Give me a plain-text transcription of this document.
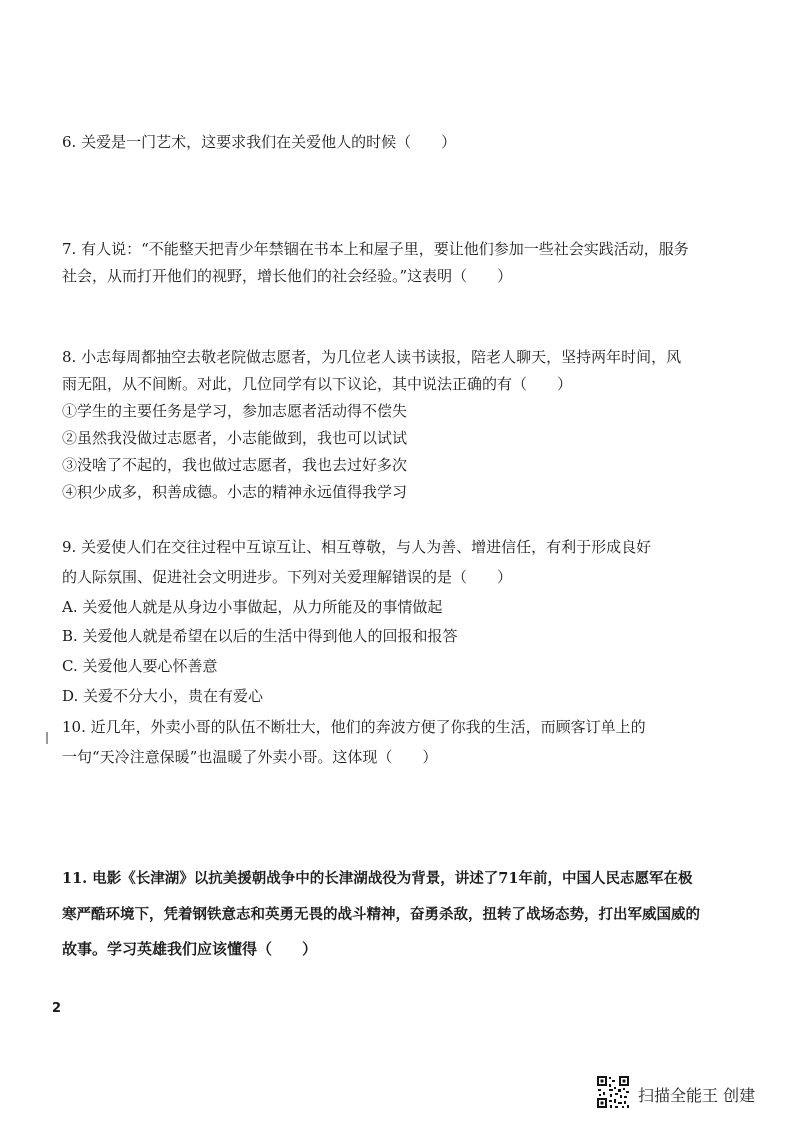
6. 关爱是一门艺术，这要求我们在关爱他人的时候（　　）
7. 有人说：“不能整天把青少年禁锢在书本上和屋子里，要让他们参加一些社会实践活动，服务
社会，从而打开他们的视野，增长他们的社会经验。”这表明（　　）
8. 小志每周都抽空去敬老院做志愿者，为几位老人读书读报，陪老人聊天，坚持两年时间，风
雨无阻，从不间断。对此，几位同学有以下议论，其中说法正确的有（　　）
①学生的主要任务是学习，参加志愿者活动得不偿失
②虽然我没做过志愿者，小志能做到，我也可以试试
③没啥了不起的，我也做过志愿者，我也去过好多次
④积少成多，积善成德。小志的精神永远值得我学习
9. 关爱使人们在交往过程中互谅互让、相互尊敬，与人为善、增进信任，有利于形成良好
的人际氛围、促进社会文明进步。下列对关爱理解错误的是（　　）
A. 关爱他人就是从身边小事做起，从力所能及的事情做起
B. 关爱他人就是希望在以后的生活中得到他人的回报和报答
C. 关爱他人要心怀善意
D. 关爱不分大小，贵在有爱心
10. 近几年，外卖小哥的队伍不断壮大，他们的奔波方便了你我的生活，而顾客订单上的
一句“天冷注意保暖”也温暖了外卖小哥。这体现（　　）
11. 电影《长津湖》以抗美援朝战争中的长津湖战役为背景，讲述了71年前，中国人民志愿军在极
寒严酷环境下，凭着钢铁意志和英勇无畏的战斗精神，奋勇杀敌，扭转了战场态势，打出军威国威的
故事。学习英雄我们应该懂得（　　）
2
扫描全能王 创建
